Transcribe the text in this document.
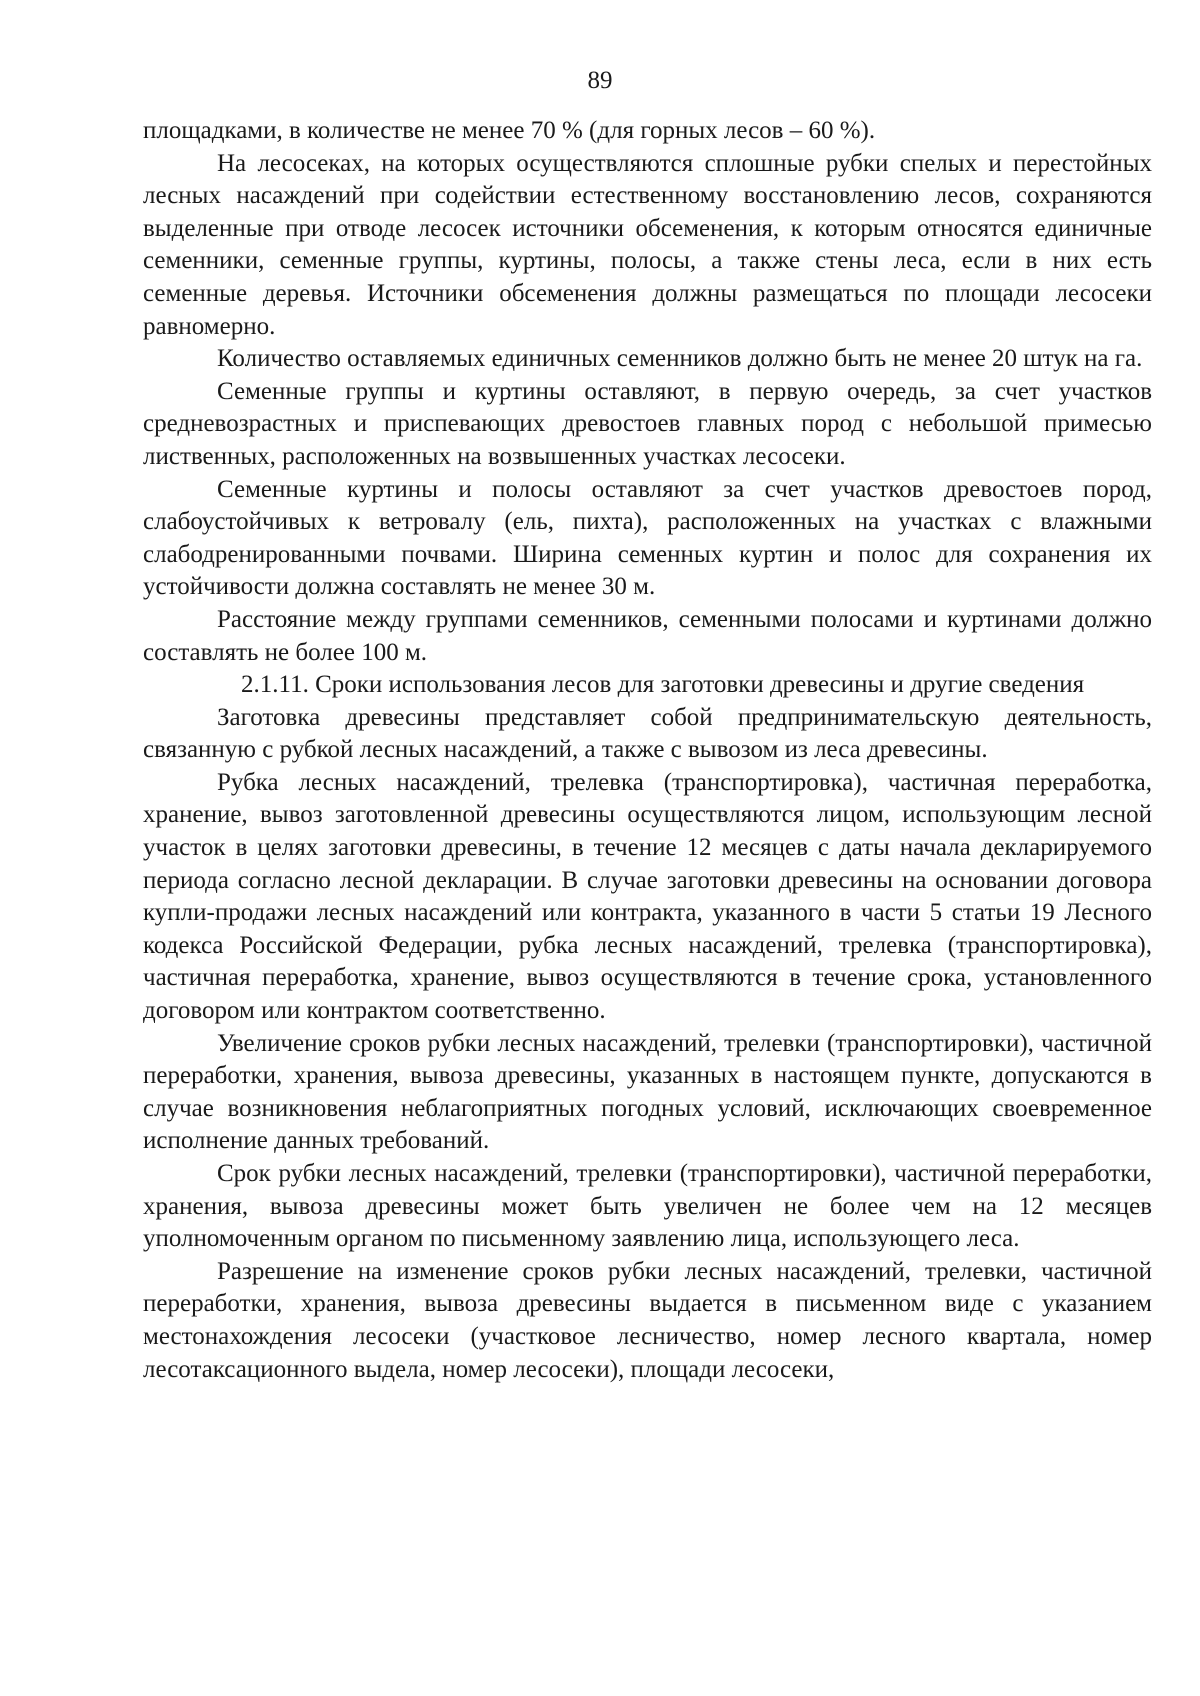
89

площадками, в количестве не менее 70 % (для горных лесов – 60 %).

На лесосеках, на которых осуществляются сплошные рубки спелых и перестойных лесных насаждений при содействии естественному восстановлению лесов, сохраняются выделенные при отводе лесосек источники обсеменения, к которым относятся единичные семенники, семенные группы, куртины, полосы, а также стены леса, если в них есть семенные деревья. Источники обсеменения должны размещаться по площади лесосеки равномерно.

Количество оставляемых единичных семенников должно быть не менее 20 штук на га.

Семенные группы и куртины оставляют, в первую очередь, за счет участков средневозрастных и приспевающих древостоев главных пород с небольшой примесью лиственных, расположенных на возвышенных участках лесосеки.

Семенные куртины и полосы оставляют за счет участков древостоев пород, слабоустойчивых к ветровалу (ель, пихта), расположенных на участках с влажными слабодренированными почвами. Ширина семенных куртин и полос для сохранения их устойчивости должна составлять не менее 30 м.

Расстояние между группами семенников, семенными полосами и куртинами должно составлять не более 100 м.

2.1.11. Сроки использования лесов для заготовки древесины и другие сведения

Заготовка древесины представляет собой предпринимательскую деятельность, связанную с рубкой лесных насаждений, а также с вывозом из леса древесины.

Рубка лесных насаждений, трелевка (транспортировка), частичная переработка, хранение, вывоз заготовленной древесины осуществляются лицом, использующим лесной участок в целях заготовки древесины, в течение 12 месяцев с даты начала декларируемого периода согласно лесной декларации. В случае заготовки древесины на основании договора купли-продажи лесных насаждений или контракта, указанного в части 5 статьи 19 Лесного кодекса Российской Федерации, рубка лесных насаждений, трелевка (транспортировка), частичная переработка, хранение, вывоз осуществляются в течение срока, установленного договором или контрактом соответственно.

Увеличение сроков рубки лесных насаждений, трелевки (транспортировки), частичной переработки, хранения, вывоза древесины, указанных в настоящем пункте, допускаются в случае возникновения неблагоприятных погодных условий, исключающих своевременное исполнение данных требований.

Срок рубки лесных насаждений, трелевки (транспортировки), частичной переработки, хранения, вывоза древесины может быть увеличен не более чем на 12 месяцев уполномоченным органом по письменному заявлению лица, использующего леса.

Разрешение на изменение сроков рубки лесных насаждений, трелевки, частичной переработки, хранения, вывоза древесины выдается в письменном виде с указанием местонахождения лесосеки (участковое лесничество, номер лесного квартала, номер лесотаксационного выдела, номер лесосеки), площади лесосеки,
